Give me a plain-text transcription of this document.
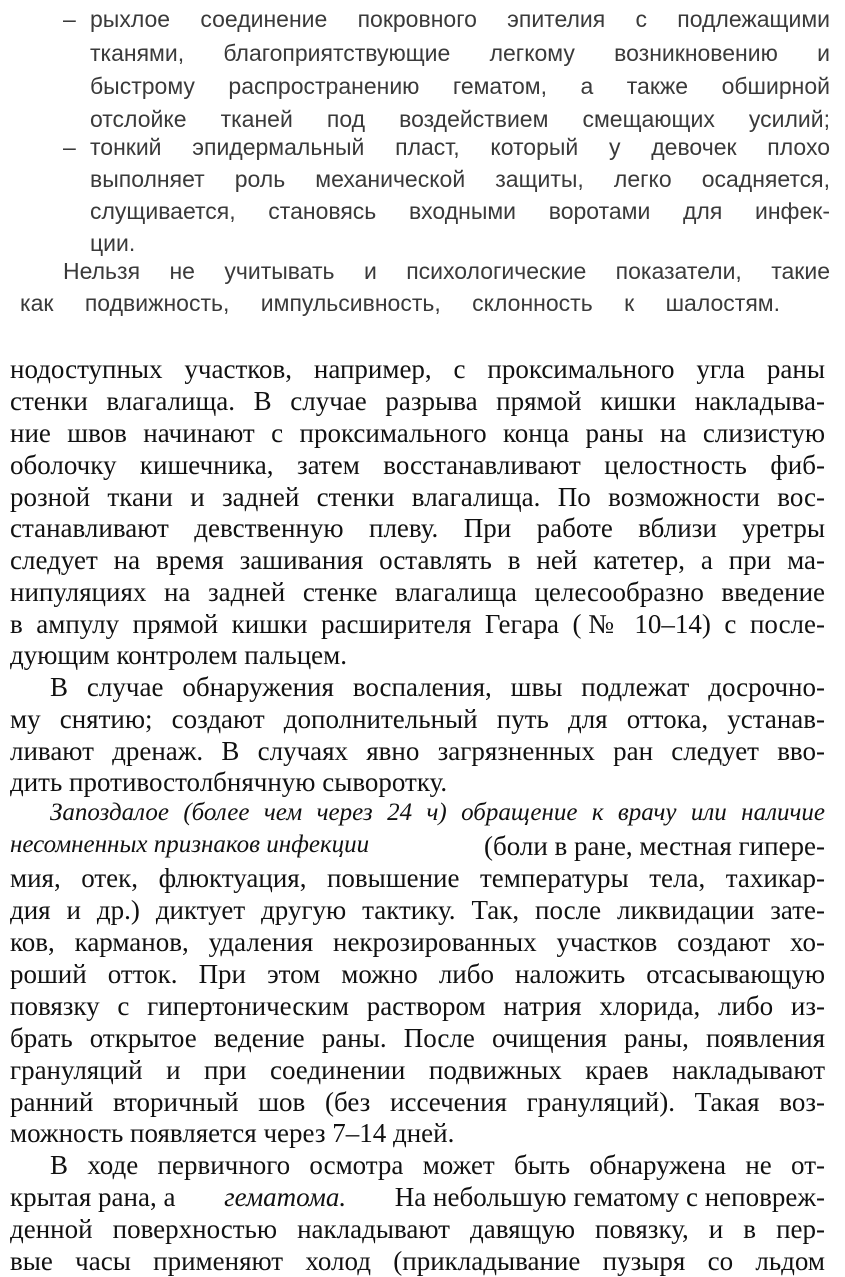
– рыхлое соединение покровного эпителия с подлежащими
тканями, благоприятствующие легкому возникновению и
быстрому распространению гематом, а также обширной
отслойке тканей под воздействием смещающих усилий;
– тонкий эпидермальный пласт, который у девочек плохо
выполняет роль механической защиты, легко осадняется,
слущивается, становясь входными воротами для инфек-
ции.
Нельзя не учитывать и психологические показатели, такие
как подвижность, импульсивность, склонность к шалостям.
нодоступных участков, например, с проксимального угла раны
стенки влагалища. В случае разрыва прямой кишки накладыва-
ние швов начинают с проксимального конца раны на слизистую
оболочку кишечника, затем восстанавливают целостность фиб-
розной ткани и задней стенки влагалища. По возможности вос-
станавливают девственную плеву. При работе вблизи уретры
следует на время зашивания оставлять в ней катетер, а при ма-
нипуляциях на задней стенке влагалища целесообразно введение
в ампулу прямой кишки расширителя Гегара (№ 10–14) с после-
дующим контролем пальцем.
В случае обнаружения воспаления, швы подлежат досрочно-
му снятию; создают дополнительный путь для оттока, устанав-
ливают дренаж. В случаях явно загрязненных ран следует вво-
дить противостолбнячную сыворотку.
Запоздалое (более чем через 24 ч) обращение к врачу или наличие
несомненных признаков инфекции	(боли в ране, местная гипере-
мия, отек, флюктуация, повышение температуры тела, тахикар-
дия и др.) диктует другую тактику. Так, после ликвидации зате-
ков, карманов, удаления некрозированных участков создают хо-
роший отток. При этом можно либо наложить отсасывающую
повязку с гипертоническим раствором натрия хлорида, либо из-
брать открытое ведение раны. После очищения раны, появления
грануляций и при соединении подвижных краев накладывают
ранний вторичный шов (без иссечения грануляций). Такая воз-
можность появляется через 7–14 дней.
В ходе первичного осмотра может быть обнаружена не от-
крытая рана, а гематома. На небольшую гематому с неповреж-
денной поверхностью накладывают давящую повязку, и в пер-
вые часы применяют холод (прикладывание пузыря со льдом
